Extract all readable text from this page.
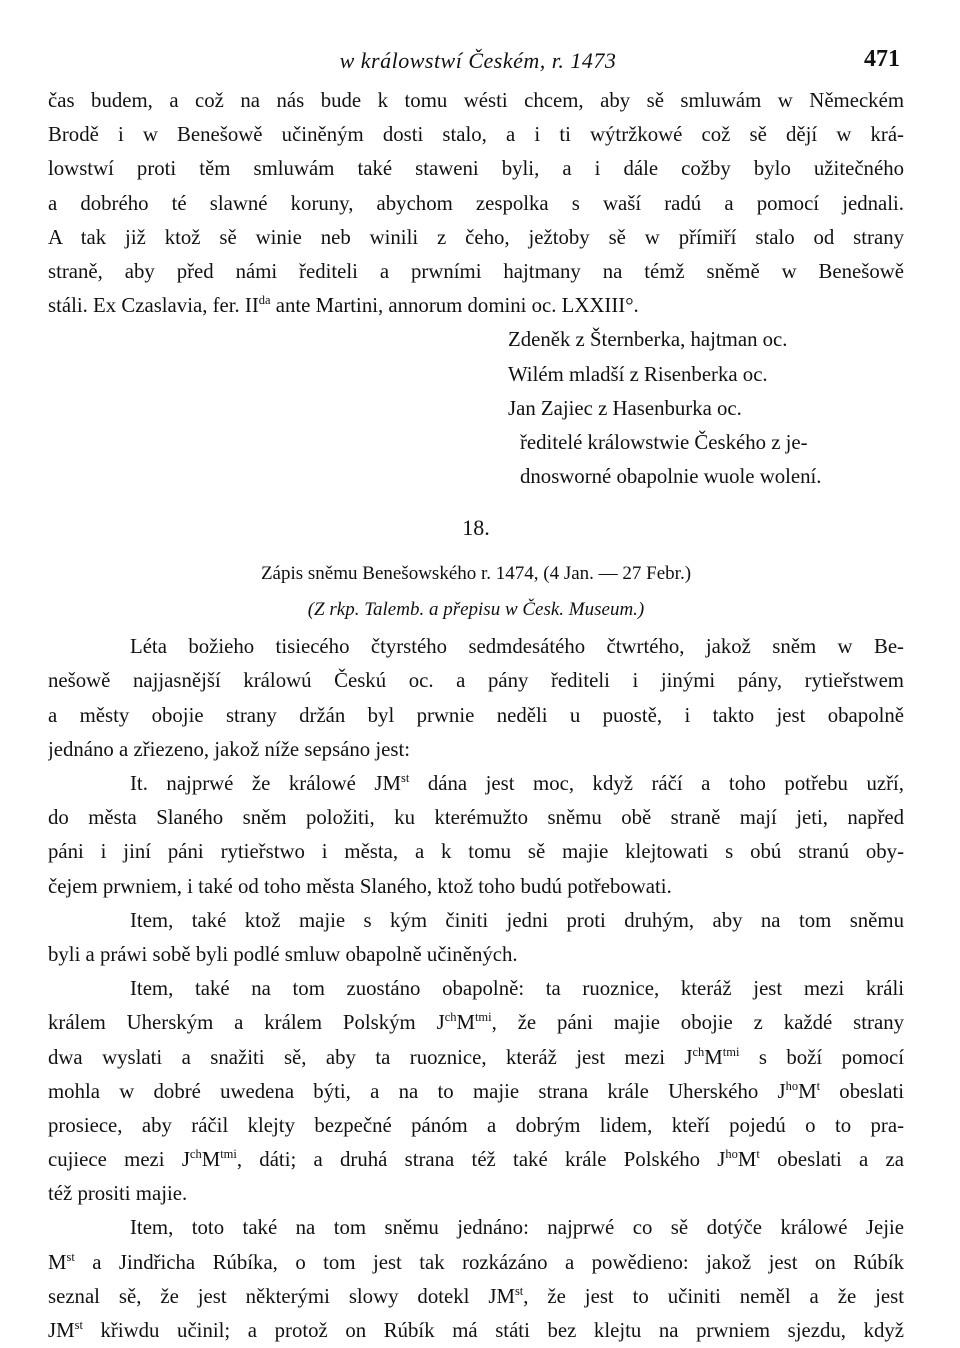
w králowstwí Českém, r. 1473	471
čas budem, a což na nás bude k tomu wésti chcem, aby sě smluwám w Německém
Brodě i w Benešowě učiněným dosti stalo, a i ti wýtržkowé což sě dějí w krá-
lowstwí proti těm smluwám také staweni byli, a i dále cožby bylo užitečného
a dobrého té slawné koruny, abychom zespolka s waší radú a pomocí jednali.
A tak již ktož sě winie neb winili z čeho, ježtoby sě w přímiří stalo od strany
straně, aby před námi řediteli a prwními hajtmany na témž sněmě w Benešowě
stáli. Ex Czaslavia, fer. $II^{da}$ ante Martini, annorum domini oc. LXXIII°.
Zdeněk z Šternberka, hajtman oc.
Wilém mladší z Risenberka oc.
Jan Zajiec z Hasenburka oc.
ředitelé králowstwie Českého z je-
dnosworné obapolnie wuole wolení.
18.
Zápis sněmu Benešowského r. 1474, (4 Jan. — 27 Febr.)
(Z rkp. Talemb. a přepisu w Česk. Museum.)
Léta božieho tisiecého čtyrstého sedmdesátého čtwrtého, jakož sněm w Be-
nešowě najjasnější králowú Českú oc. a pány řediteli i jinými pány, rytieřstwem
a městy obojie strany držán byl prwnie neděli u puostě, i takto jest obapolně
jednáno a zřiezeno, jakož níže sepsáno jest:
It. najprwé že králowé $JM^{st}$ dána jest moc, když ráčí a toho potřebu uzří,
do města Slaného sněm položiti, ku kterémužto sněmu obě straně mají jeti, napřed
páni i jiní páni rytieřstwo i města, a k tomu sě majie klejtowati s obú stranú oby-
čejem prwniem, i také od toho města Slaného, ktož toho budú potřebowati.
Item, také ktož majie s kým činiti jedni proti druhým, aby na tom sněmu
byli a práwi sobě byli podlé smluw obapolně učiněných.
Item, také na tom zuostáno obapolně: ta ruoznice, kteráž jest mezi králi
králem Uherským a králem Polským $J^{ch}M^{tmi}$, že páni majie obojie z každé strany
dwa wyslati a snažiti sě, aby ta ruoznice, kteráž jest mezi $J^{ch}M^{tmi}$ s boží pomocí
mohla w dobré uwedena býti, a na to majie strana krále Uherského $J^{ho}M^t$ obeslati
prosiece, aby ráčil klejty bezpečné pánóm a dobrým lidem, kteří pojedú o to pra-
cujiece mezi $J^{ch}M^{tmi}$, dáti; a druhá strana též také krále Polského $J^{ho}M^t$ obeslati a za
též prositi majie.
Item, toto také na tom sněmu jednáno: najprwé co sě dotýče králowé Jejie
Mst a Jindřicha Rúbíka, o tom jest tak rozkázáno a powědieno: jakož jest on Rúbík
seznal sě, že jest některými slowy dotekl $JM^{st}$, že jest to učiniti neměl a že jest
$JM^{st}$ křiwdu učinil; a protož on Rúbík má státi bez klejtu na prwniem sjezdu, když
